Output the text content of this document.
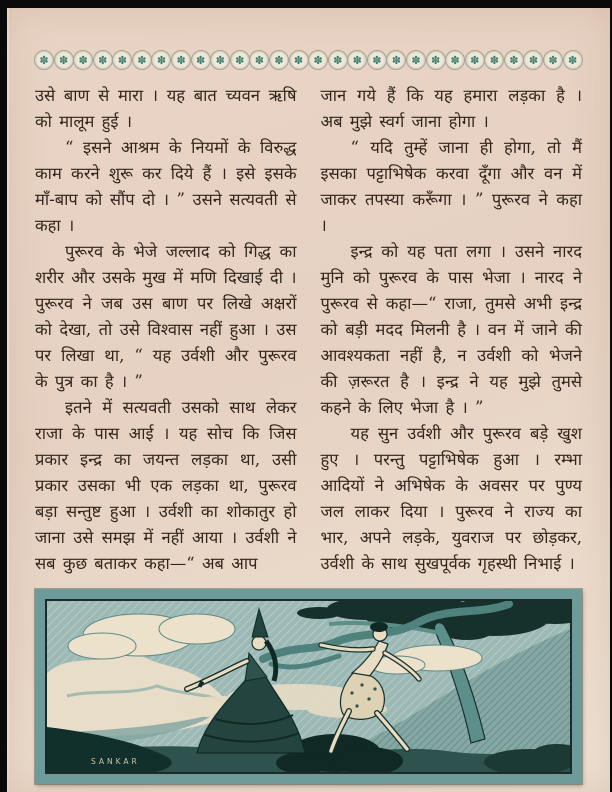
✽ ✽ ✽ ✽ ✽ ✽ ✽ ✽ ✽ ✽ ✽ ✽ ✽ ✽ ✽ ✽ ✽ ✽ ✽ ✽ ✽ ✽ ✽ ✽ ✽ ✽ ✽ ✽

उसे बाण से मारा । यह बात च्यवन ऋषि को मालूम हुई ।

“ इसने आश्रम के नियमों के विरुद्ध काम करने शुरू कर दिये हैं । इसे इसके माँ-बाप को सौंप दो । ” उसने सत्यवती से कहा ।

पुरूरव के भेजे जल्लाद को गिद्ध का शरीर और उसके मुख में मणि दिखाई दी । पुरूरव ने जब उस बाण पर लिखे अक्षरों को देखा, तो उसे विश्वास नहीं हुआ । उस पर लिखा था, “ यह उर्वशी और पुरूरव के पुत्र का है । ”

इतने में सत्यवती उसको साथ लेकर राजा के पास आई । यह सोच कि जिस प्रकार इन्द्र का जयन्त लड़का था, उसी प्रकार उसका भी एक लड़का था, पुरूरव बड़ा सन्तुष्ट हुआ । उर्वशी का शोकातुर हो जाना उसे समझ में नहीं आया । उर्वशी ने सब कुछ बताकर कहा—“ अब आप

जान गये हैं कि यह हमारा लड़का है । अब मुझे स्वर्ग जाना होगा ।

“ यदि तुम्हें जाना ही होगा, तो मैं इसका पट्टाभिषेक करवा दूँगा और वन में जाकर तपस्या करूँगा । ” पुरूरव ने कहा ।

इन्द्र को यह पता लगा । उसने नारद मुनि को पुरूरव के पास भेजा । नारद ने पुरूरव से कहा—“ राजा, तुमसे अभी इन्द्र को बड़ी मदद मिलनी है । वन में जाने की आवश्यकता नहीं है, न उर्वशी को भेजने की ज़रूरत है । इन्द्र ने यह मुझे तुमसे कहने के लिए भेजा है । ”

यह सुन उर्वशी और पुरूरव बड़े खुश हुए । परन्तु पट्टाभिषेक हुआ । रम्भा आदियों ने अभिषेक के अवसर पर पुण्य जल लाकर दिया । पुरूरव ने राज्य का भार, अपने लड़के, युवराज पर छोड़कर, उर्वशी के साथ सुखपूर्वक गृहस्थी निभाई ।

SANKAR
